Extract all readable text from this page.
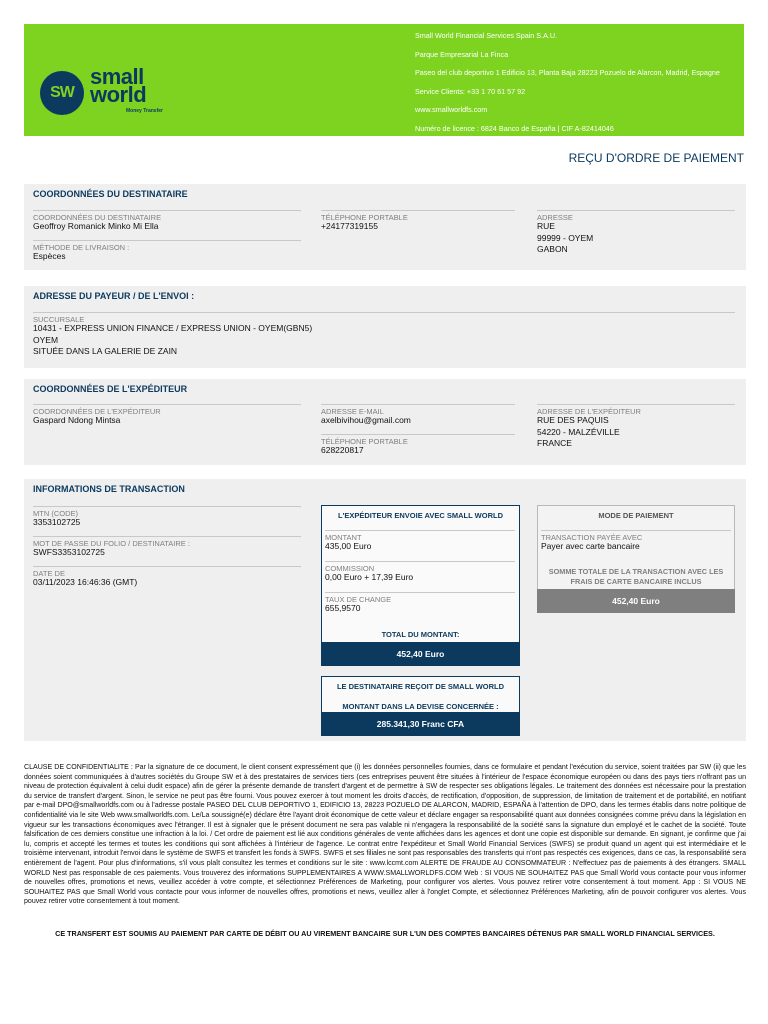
SW
small
world
Money Transfer
Small World Financial Services Spain S.A.U.
Parque Empresarial La Finca
Paseo del club deportivo 1 Edificio 13, Planta Baja 28223 Pozuelo de Alarcon, Madrid, Espagne
Service Clients: +33 1 70 61 57 92
www.smallworldfs.com
Numéro de licence : 6824 Banco de España | CIF A-82414046
REÇU D'ORDRE DE PAIEMENT
COORDONNÉES DU DESTINATAIRE
COORDONNÉES DU DESTINATAIRE
Geoffroy Romanick Minko Mi Ella
MÉTHODE DE LIVRAISON :
Espèces
TÉLÉPHONE PORTABLE
+24177319155
ADRESSE
RUE
99999 - OYEM
GABON
ADRESSE DU PAYEUR / DE L'ENVOI :
SUCCURSALE
10431 - EXPRESS UNION FINANCE / EXPRESS UNION - OYEM(GBN5)
OYEM
SITUÉE DANS LA GALERIE DE ZAIN
COORDONNÉES DE L'EXPÉDITEUR
COORDONNÉES DE L'EXPÉDITEUR
Gaspard Ndong Mintsa
ADRESSE E-MAIL
axelbivihou@gmail.com
TÉLÉPHONE PORTABLE
628220817
ADRESSE DE L'EXPÉDITEUR
RUE DES PAQUIS
54220 - MALZÉVILLE
FRANCE
INFORMATIONS DE TRANSACTION
MTN (CODE)
3353102725
MOT DE PASSE DU FOLIO / DESTINATAIRE :
SWFS3353102725
DATE DE
03/11/2023 16:46:36 (GMT)
L'EXPÉDITEUR ENVOIE AVEC SMALL WORLD
MONTANT
435,00 Euro
COMMISSION
0,00 Euro + 17,39 Euro
TAUX DE CHANGE
655,9570
TOTAL DU MONTANT:
452,40 Euro
LE DESTINATAIRE REÇOIT DE SMALL WORLD
MONTANT DANS LA DEVISE CONCERNÉE :
285.341,30 Franc CFA
MODE DE PAIEMENT
TRANSACTION PAYÉE AVEC
Payer avec carte bancaire
SOMME TOTALE DE LA TRANSACTION AVEC LES FRAIS DE CARTE BANCAIRE INCLUS
452,40 Euro
CLAUSE DE CONFIDENTIALITE : Par la signature de ce document, le client consent expressément que (i) les données personnelles fournies, dans ce formulaire et pendant l'exécution du service, soient traitées par SW (ii) que les données soient communiquées à d'autres sociétés du Groupe SW et à des prestataires de services tiers (ces entreprises peuvent être situées à l'intérieur de l'espace économique européen ou dans des pays tiers n'offrant pas un niveau de protection équivalent à celui dudit espace) afin de gérer la présente demande de transfert d'argent et de permettre à SW de respecter ses obligations légales. Le traitement des données est nécessaire pour la prestation du service de transfert d'argent. Sinon, le service ne peut pas être fourni. Vous pouvez exercer à tout moment les droits d'accès, de rectification, d'opposition, de suppression, de limitation de traitement et de portabilité, en notifiant par e-mail DPO@smallworldfs.com ou à l'adresse postale PASEO DEL CLUB DEPORTIVO 1, EDIFICIO 13, 28223 POZUELO DE ALARCON, MADRID, ESPAÑA à l'attention de DPO, dans les termes établis dans notre politique de confidentialité via le site Web www.smallworldfs.com. Le/La soussigné(e) déclare être l'ayant droit économique de cette valeur et déclare engager sa responsabilité quant aux données consignées comme prévu dans la législation en vigueur sur les transactions économiques avec l'étranger. Il est à signaler que le présent document ne sera pas valable ni n'engagera la responsabilité de la société sans la signature dun employé et le cachet de la société. Toute falsification de ces derniers constitue une infraction à la loi. / Cet ordre de paiement est lié aux conditions générales de vente affichées dans les agences et dont une copie est disponible sur demande. En signant, je confirme que j'ai lu, compris et accepté les termes et toutes les conditions qui sont affichées à l'intérieur de l'agence. Le contrat entre l'expéditeur et Small World Financial Services (SWFS) se produit quand un agent qui est intermédiaire et le troisième intervenant, introduit l'envoi dans le système de SWFS et transfert les fonds à SWFS. SWFS et ses filiales ne sont pas responsables des transferts qui n'ont pas respectés ces exigences, dans ce cas, la responsabilité sera entièrement de l'agent. Pour plus d'informations, s'il vous plaît consultez les termes et conditions sur le site : www.lccmt.com ALERTE DE FRAUDE AU CONSOMMATEUR : N'effectuez pas de paiements à des étrangers. SMALL WORLD Nest pas responsable de ces paiements. Vous trouverez des informations SUPPLEMENTAIRES A WWW.SMALLWORLDFS.COM Web : SI VOUS NE SOUHAITEZ PAS que Small World vous contacte pour vous informer de nouvelles offres, promotions et news, veuillez accéder à votre compte, et sélectionnez Préférences de Marketing, pour configurer vos alertes. Vous pouvez retirer votre consentement à tout moment. App : SI VOUS NE SOUHAITEZ PAS que Small World vous contacte pour vous informer de nouvelles offres, promotions et news, veuillez aller à l'onglet Compte, et sélectionnez Préférences Marketing, afin de pouvoir configurer vos alertes. Vous pouvez retirer votre consentement à tout moment.
CE TRANSFERT EST SOUMIS AU PAIEMENT PAR CARTE DE DÉBIT OU AU VIREMENT BANCAIRE SUR L'UN DES COMPTES BANCAIRES DÉTENUS PAR SMALL WORLD FINANCIAL SERVICES.
